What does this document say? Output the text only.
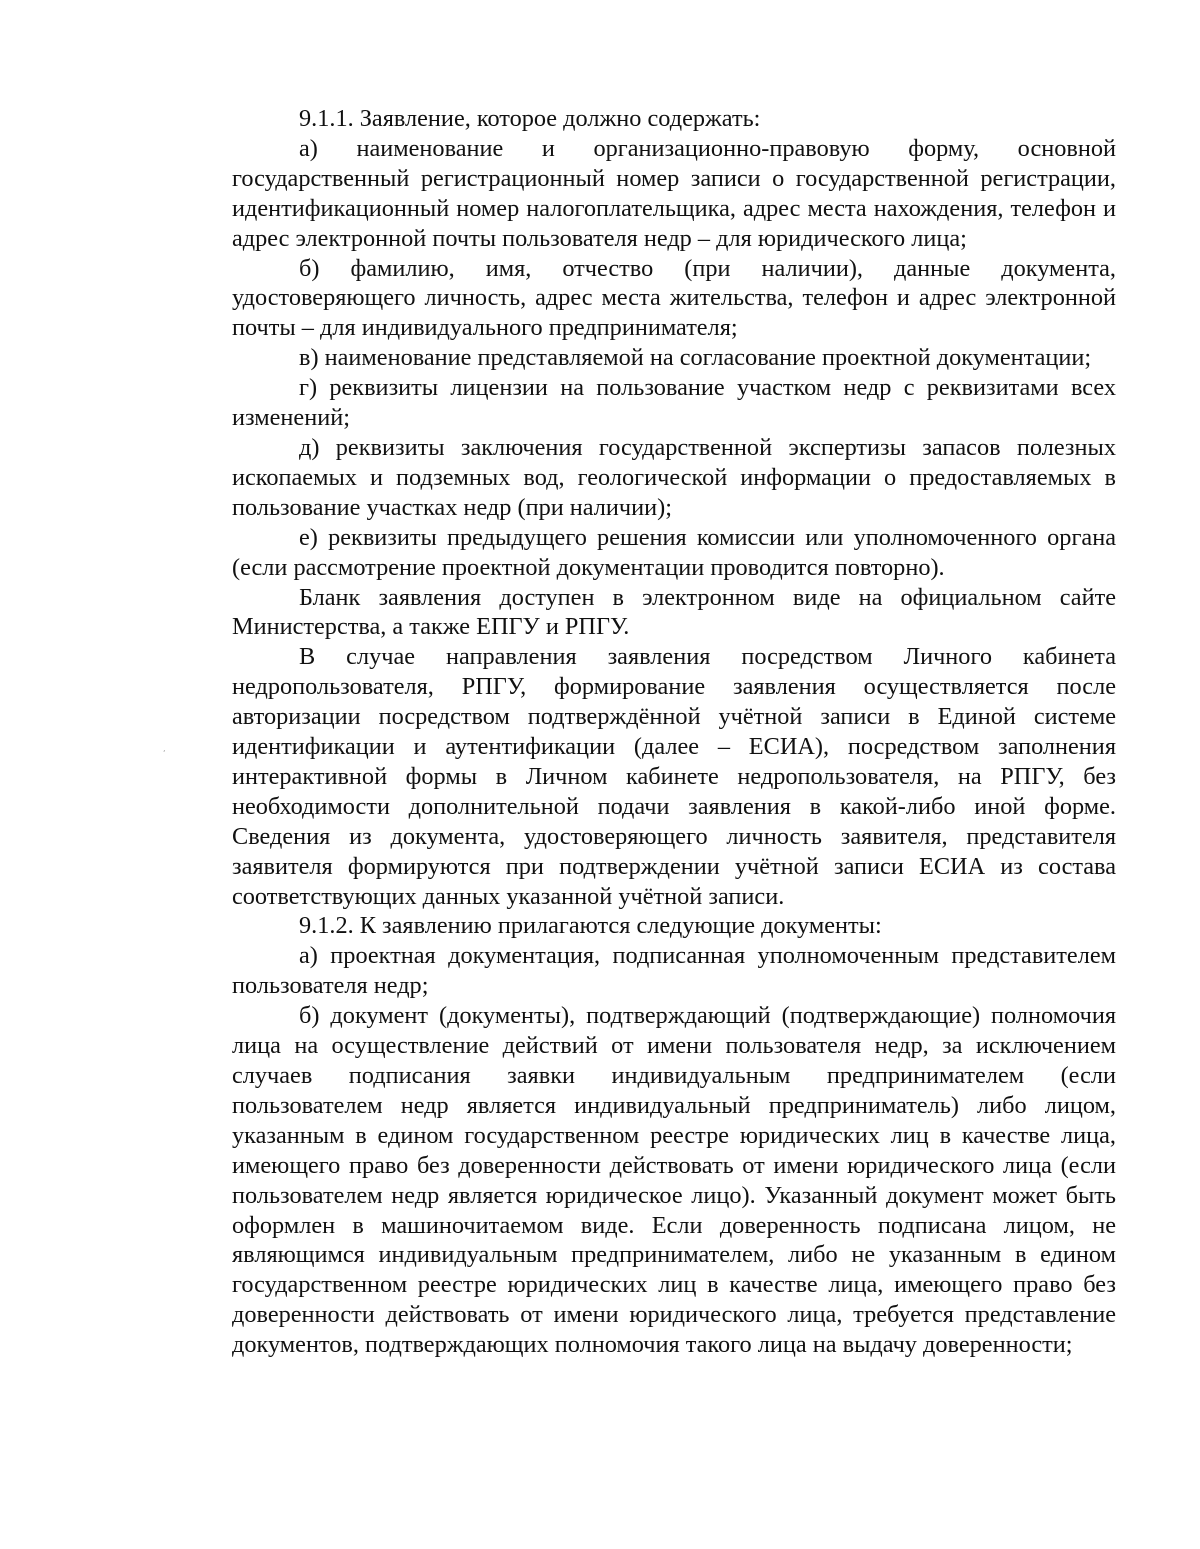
9.1.1. Заявление, которое должно содержать:

а) наименование и организационно-правовую форму, основной государственный регистрационный номер записи о государственной регистрации, идентификационный номер налогоплательщика, адрес места нахождения, телефон и адрес электронной почты пользователя недр – для юридического лица;

б) фамилию, имя, отчество (при наличии), данные документа, удостоверяющего личность, адрес места жительства, телефон и адрес электронной почты – для индивидуального предпринимателя;

в) наименование представляемой на согласование проектной документации;

г) реквизиты лицензии на пользование участком недр с реквизитами всех изменений;

д) реквизиты заключения государственной экспертизы запасов полезных ископаемых и подземных вод, геологической информации о предоставляемых в пользование участках недр (при наличии);

е) реквизиты предыдущего решения комиссии или уполномоченного органа (если рассмотрение проектной документации проводится повторно).

Бланк заявления доступен в электронном виде на официальном сайте Министерства, а также ЕПГУ и РПГУ.

В случае направления заявления посредством Личного кабинета недропользователя, РПГУ, формирование заявления осуществляется после авторизации посредством подтверждённой учётной записи в Единой системе идентификации и аутентификации (далее – ЕСИА), посредством заполнения интерактивной формы в Личном кабинете недропользователя, на РПГУ, без необходимости дополнительной подачи заявления в какой-либо иной форме. Сведения из документа, удостоверяющего личность заявителя, представителя заявителя формируются при подтверждении учётной записи ЕСИА из состава соответствующих данных указанной учётной записи.

9.1.2. К заявлению прилагаются следующие документы:

а) проектная документация, подписанная уполномоченным представителем пользователя недр;

б) документ (документы), подтверждающий (подтверждающие) полномочия лица на осуществление действий от имени пользователя недр, за исключением случаев подписания заявки индивидуальным предпринимателем (если пользователем недр является индивидуальный предприниматель) либо лицом, указанным в едином государственном реестре юридических лиц в качестве лица, имеющего право без доверенности действовать от имени юридического лица (если пользователем недр является юридическое лицо). Указанный документ может быть оформлен в машиночитаемом виде. Если доверенность подписана лицом, не являющимся индивидуальным предпринимателем, либо не указанным в едином государственном реестре юридических лиц в качестве лица, имеющего право без доверенности действовать от имени юридического лица, требуется представление документов, подтверждающих полномочия такого лица на выдачу доверенности;

,
